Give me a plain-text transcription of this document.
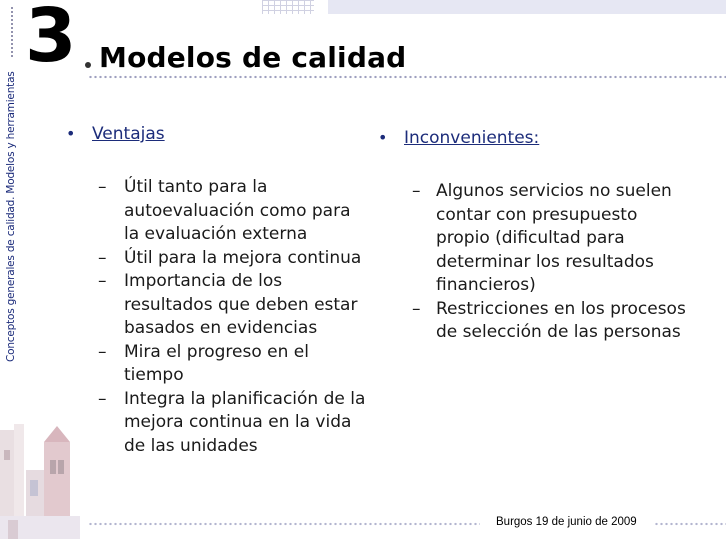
Conceptos generales de calidad. Modelos y herramientas
3 Modelos de calidad
• Ventajas
–	Útil tanto para la autoevaluación como para la evaluación externa
–	Útil para la mejora continua
–	Importancia de los resultados que deben estar basados en evidencias
–	Mira el progreso en el tiempo
–	Integra la planificación de la mejora continua en la vida de las unidades
• Inconvenientes:
– Algunos servicios no suelen contar con presupuesto propio (dificultad para determinar los resultados financieros)
– Restricciones en los procesos de selección de las personas
Burgos 19 de junio de 2009
